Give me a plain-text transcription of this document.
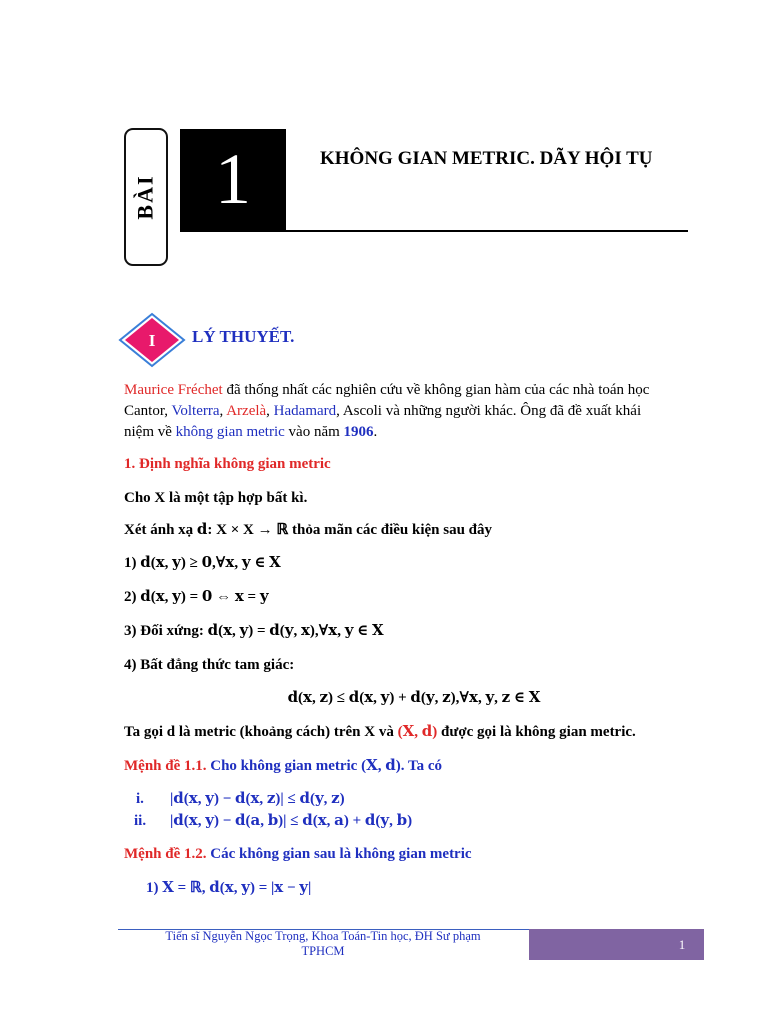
BÀI 1	KHÔNG GIAN METRIC. DÃY HỘI TỤ
I LÝ THUYẾT.
Maurice Fréchet đã thống nhất các nghiên cứu về không gian hàm của các nhà toán học
Cantor, Volterra, Arzelà, Hadamard, Ascoli và những người khác. Ông đã đề xuất khái
niệm về không gian metric vào năm 1906.
1. Định nghĩa không gian metric
Cho X là một tập hợp bất kì.
Xét ánh xạ 𝐝: X × X → ℝ thỏa mãn các điều kiện sau đây
1) 𝐝(𝐱, 𝐲) ≥ 𝟎,∀𝐱, 𝐲 ∈ 𝐗
2) 𝐝(𝐱, 𝐲) = 𝟎 ⇔ 𝐱 = 𝐲
3) Đối xứng: 𝐝(𝐱, 𝐲) = 𝐝(𝐲, 𝐱),∀𝐱, 𝐲 ∈ 𝐗
4) Bất đẳng thức tam giác:
𝐝(𝐱, 𝐳) ≤ 𝐝(𝐱, 𝐲) + 𝐝(𝐲, 𝐳),∀𝐱, 𝐲, 𝐳 ∈ 𝐗
Ta gọi d là metric (khoảng cách) trên X và (𝐗, 𝐝) được gọi là không gian metric.
Mệnh đề 1.1. Cho không gian metric (𝐗, 𝐝). Ta có
i. |𝐝(𝐱, 𝐲) − 𝐝(𝐱, 𝐳)| ≤ 𝐝(𝐲, 𝐳)
ii. |𝐝(𝐱, 𝐲) − 𝐝(𝐚, 𝐛)| ≤ 𝐝(𝐱, 𝐚) + 𝐝(𝐲, 𝐛)
Mệnh đề 1.2. Các không gian sau là không gian metric
1) 𝐗 = ℝ, 𝐝(𝐱, 𝐲) = |𝐱 − 𝐲|
Tiến sĩ Nguyễn Ngọc Trọng, Khoa Toán-Tin học, ĐH Sư phạm
TPHCM	1
